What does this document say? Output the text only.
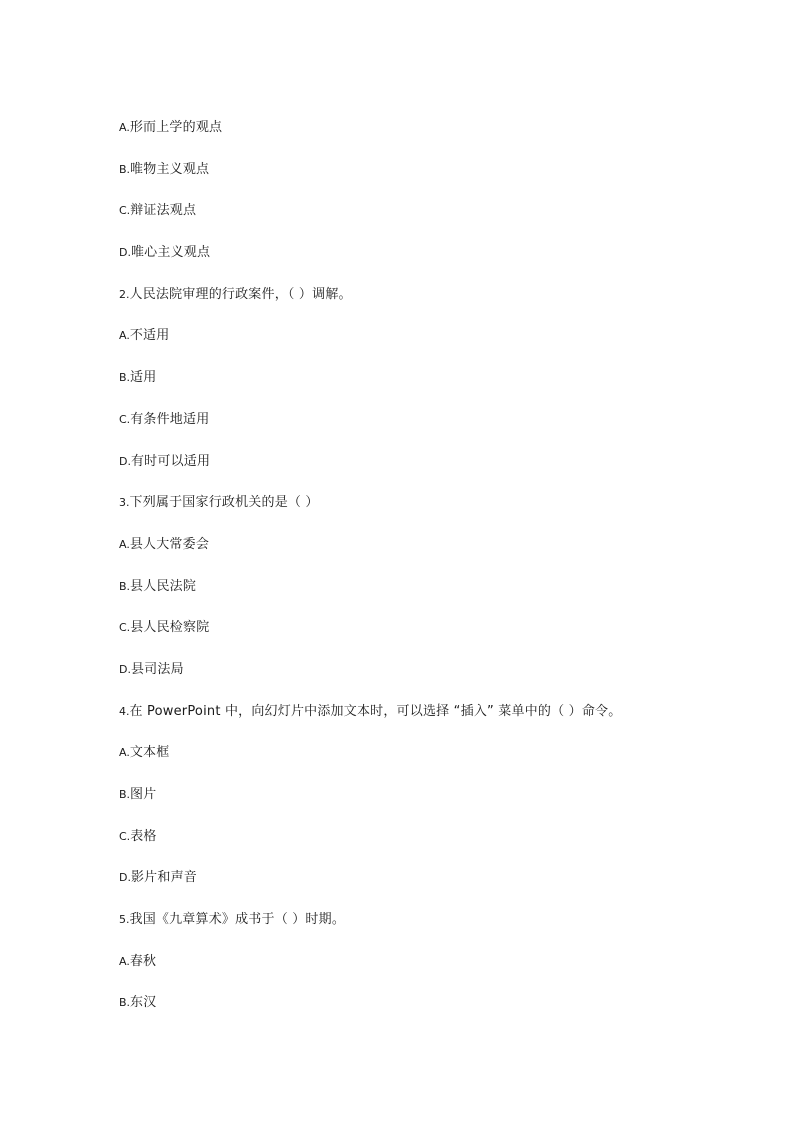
A.形而上学的观点
B.唯物主义观点
C.辩证法观点
D.唯心主义观点
2.人民法院审理的行政案件，（ ）调解。
A.不适用
B.适用
C.有条件地适用
D.有时可以适用
3.下列属于国家行政机关的是（ ）
A.县人大常委会
B.县人民法院
C.县人民检察院
D.县司法局
4.在 PowerPoint 中，向幻灯片中添加文本时，可以选择 “插入” 菜单中的（ ）命令。
A.文本框
B.图片
C.表格
D.影片和声音
5.我国《九章算术》成书于（ ）时期。
A.春秋
B.东汉
